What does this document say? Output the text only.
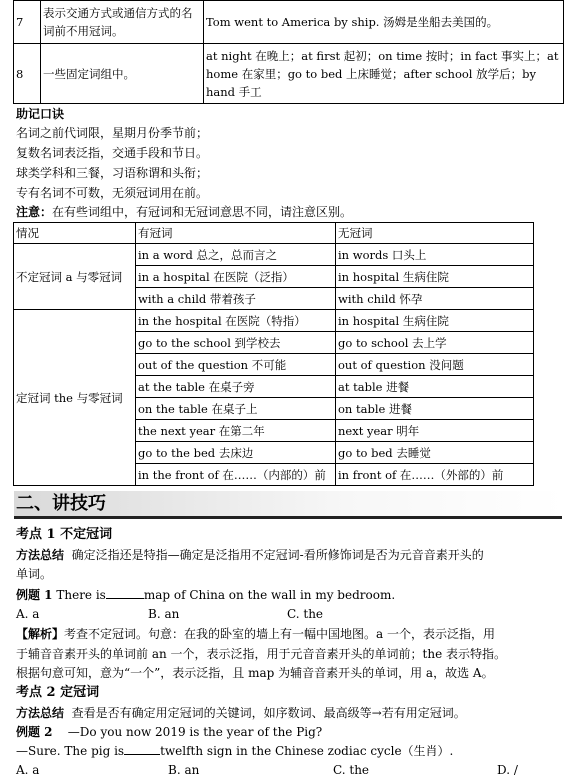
7	表示交通方式或通信方式的名词前不用冠词。	Tom went to America by ship. 汤姆是坐船去美国的。
8	一些固定词组中。	at night 在晚上；at first 起初；on time 按时；in fact 事实上；at home 在家里；go to bed 上床睡觉；after school 放学后；by hand 手工
助记口诀
名词之前代词限，星期月份季节前；
复数名词表泛指，交通手段和节日。
球类学科和三餐，习语称谓和头衔；
专有名词不可数，无须冠词用在前。
注意：在有些词组中，有冠词和无冠词意思不同，请注意区别。
情况	有冠词	无冠词
不定冠词 a 与零冠词	in a word 总之，总而言之	in words 口头上
	in a hospital 在医院（泛指）	in hospital 生病住院
	with a child 带着孩子	with child 怀孕
定冠词 the 与零冠词	in the hospital 在医院（特指）	in hospital 生病住院
	go to the school 到学校去	go to school 去上学
	out of the question 不可能	out of question 没问题
	at the table 在桌子旁	at table 进餐
	on the table 在桌子上	on table 进餐
	the next year 在第二年	next year 明年
	go to the bed 去床边	go to bed 去睡觉
	in the front of 在……（内部的）前	in front of 在……（外部的）前
二、讲技巧
考点 1 不定冠词
方法总结 确定泛指还是特指—确定是泛指用不定冠词-看所修饰词是否为元音音素开头的
单词。
例题 1 There is	map of China on the wall in my bedroom.
A. a	B. an	C. the
【解析】考查不定冠词。句意：在我的卧室的墙上有一幅中国地图。a 一个，表示泛指，用
于辅音音素开头的单词前 an 一个，表示泛指，用于元音音素开头的单词前；the 表示特指。
根据句意可知，意为“一个”，表示泛指，且 map 为辅音音素开头的单词，用 a，故选 A。
考点 2 定冠词
方法总结 查看是否有确定用定冠词的关键词，如序数词、最高级等→若有用定冠词。
例题 2 —Do you now 2019 is the year of the Pig?
—Sure. The pig is	twelfth sign in the Chinese zodiac cycle（生肖）.
A. a	B. an	C. the	D. /
